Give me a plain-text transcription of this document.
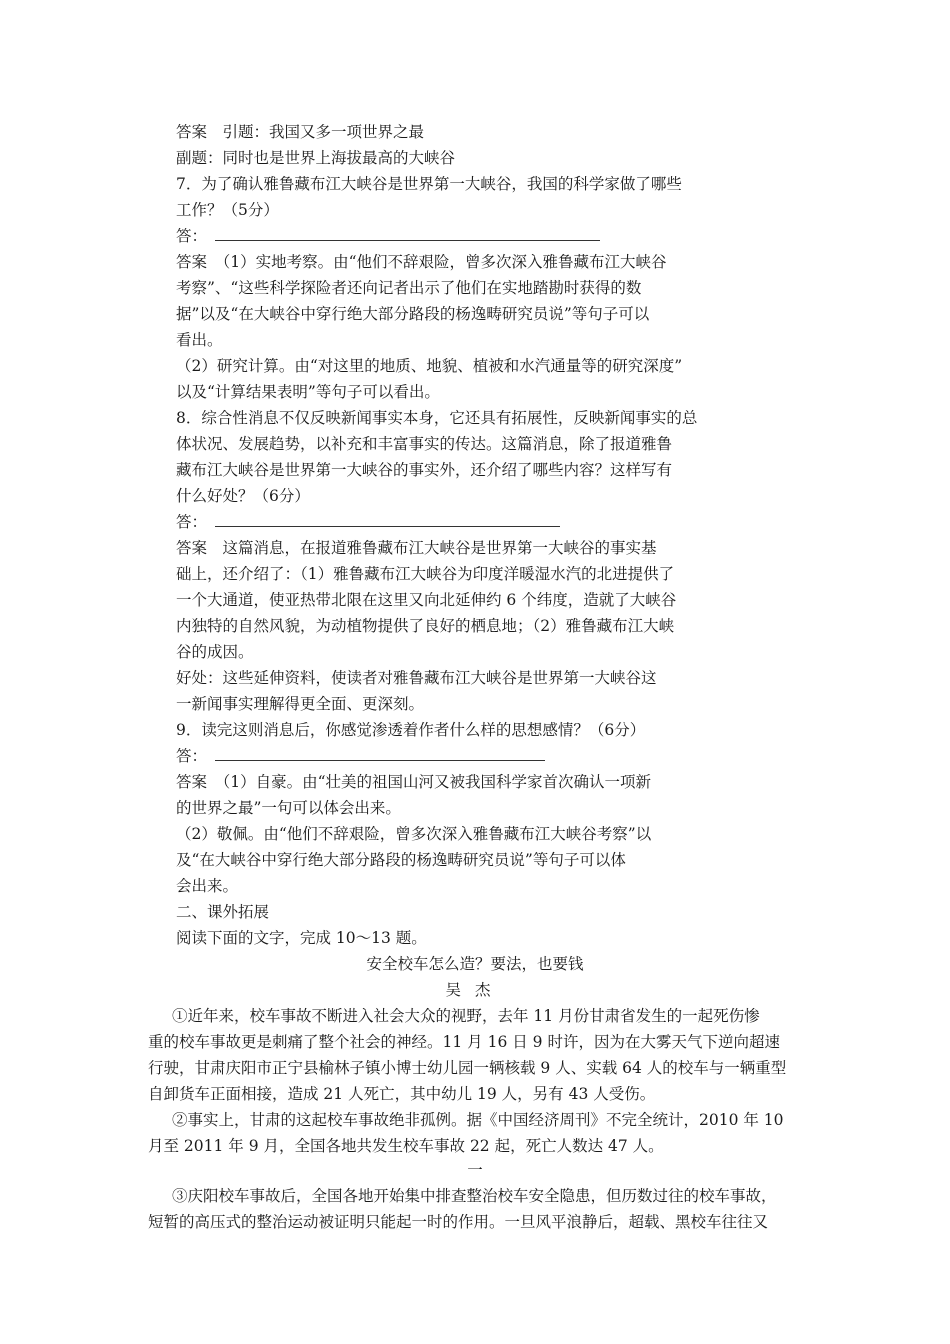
答案　引题：我国又多一项世界之最
副题：同时也是世界上海拔最高的大峡谷
7．为了确认雅鲁藏布江大峡谷是世界第一大峡谷，我国的科学家做了哪些
工作？（5分）
答：
答案　（1）实地考察。由“他们不辞艰险，曾多次深入雅鲁藏布江大峡谷
考察”、“这些科学探险者还向记者出示了他们在实地踏勘时获得的数
据”以及“在大峡谷中穿行绝大部分路段的杨逸畴研究员说”等句子可以
看出。
（2）研究计算。由“对这里的地质、地貌、植被和水汽通量等的研究深度”
以及“计算结果表明”等句子可以看出。
8．综合性消息不仅反映新闻事实本身，它还具有拓展性，反映新闻事实的总
体状况、发展趋势，以补充和丰富事实的传达。这篇消息，除了报道雅鲁
藏布江大峡谷是世界第一大峡谷的事实外，还介绍了哪些内容？这样写有
什么好处？（6分）
答：
答案　这篇消息，在报道雅鲁藏布江大峡谷是世界第一大峡谷的事实基
础上，还介绍了：（1）雅鲁藏布江大峡谷为印度洋暖湿水汽的北进提供了
一个大通道，使亚热带北限在这里又向北延伸约 6 个纬度，造就了大峡谷
内独特的自然风貌，为动植物提供了良好的栖息地；（2）雅鲁藏布江大峡
谷的成因。
好处：这些延伸资料，使读者对雅鲁藏布江大峡谷是世界第一大峡谷这
一新闻事实理解得更全面、更深刻。
9．读完这则消息后，你感觉渗透着作者什么样的思想感情？（6分）
答：
答案　（1）自豪。由“壮美的祖国山河又被我国科学家首次确认一项新
的世界之最”一句可以体会出来。
（2）敬佩。由“他们不辞艰险，曾多次深入雅鲁藏布江大峡谷考察”以
及“在大峡谷中穿行绝大部分路段的杨逸畴研究员说”等句子可以体
会出来。
二、课外拓展
阅读下面的文字，完成 10～13 题。
安全校车怎么造？要法，也要钱
吴杰
①近年来，校车事故不断进入社会大众的视野，去年 11 月份甘肃省发生的一起死伤惨
重的校车事故更是刺痛了整个社会的神经。11 月 16 日 9 时许，因为在大雾天气下逆向超速
行驶，甘肃庆阳市正宁县榆林子镇小博士幼儿园一辆核载 9 人、实载 64 人的校车与一辆重型
自卸货车正面相接，造成 21 人死亡，其中幼儿 19 人，另有 43 人受伤。
②事实上，甘肃的这起校车事故绝非孤例。据《中国经济周刊》不完全统计，2010 年 10
月至 2011 年 9 月，全国各地共发生校车事故 22 起，死亡人数达 47 人。
一
③庆阳校车事故后，全国各地开始集中排查整治校车安全隐患，但历数过往的校车事故，
短暂的高压式的整治运动被证明只能起一时的作用。一旦风平浪静后，超载、黑校车往往又
